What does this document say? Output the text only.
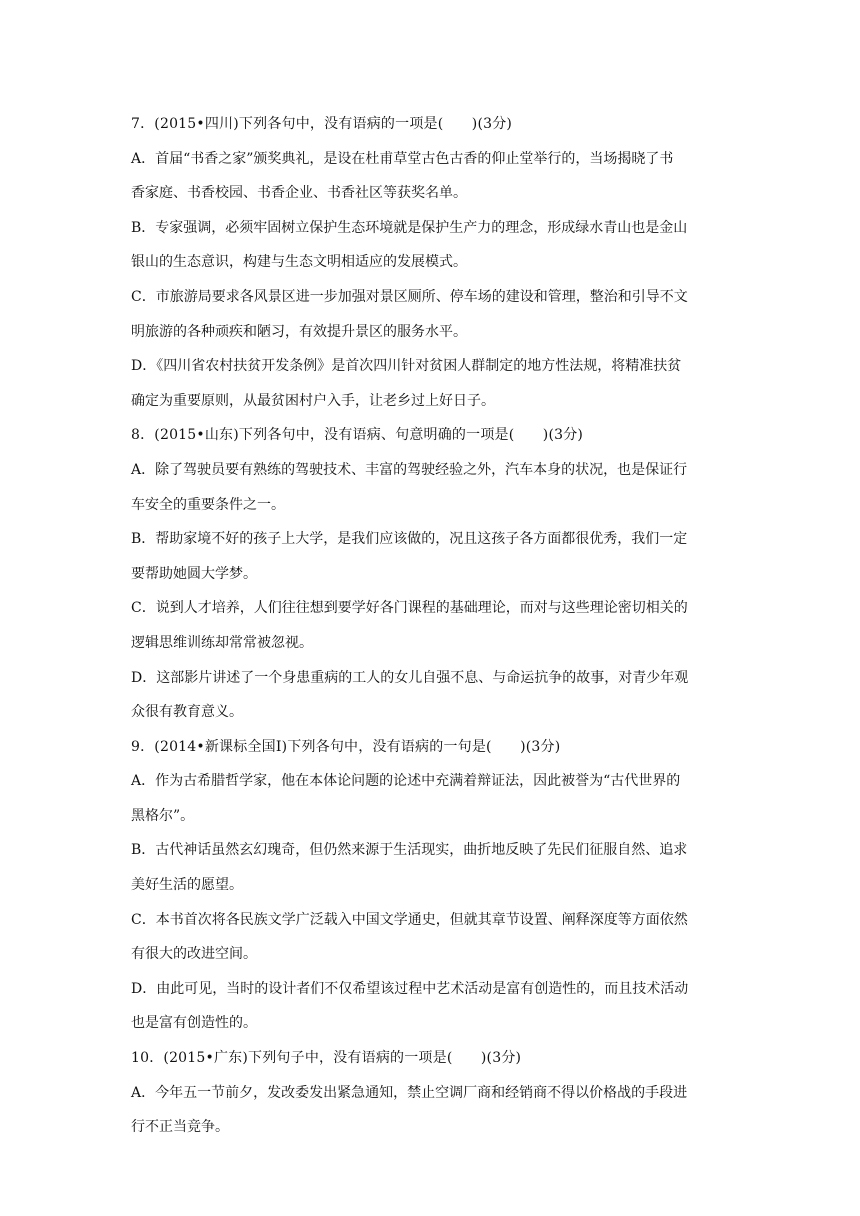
7．(2015•四川)下列各句中，没有语病的一项是(　　)(3分)
A．首届“书香之家”颁奖典礼，是设在杜甫草堂古色古香的仰止堂举行的，当场揭晓了书
香家庭、书香校园、书香企业、书香社区等获奖名单。
B．专家强调，必须牢固树立保护生态环境就是保护生产力的理念，形成绿水青山也是金山
银山的生态意识，构建与生态文明相适应的发展模式。
C．市旅游局要求各风景区进一步加强对景区厕所、停车场的建设和管理，整治和引导不文
明旅游的各种顽疾和陋习，有效提升景区的服务水平。
D．《四川省农村扶贫开发条例》是首次四川针对贫困人群制定的地方性法规，将精准扶贫
确定为重要原则，从最贫困村户入手，让老乡过上好日子。
8．(2015•山东)下列各句中，没有语病、句意明确的一项是(　　)(3分)
A．除了驾驶员要有熟练的驾驶技术、丰富的驾驶经验之外，汽车本身的状况，也是保证行
车安全的重要条件之一。
B．帮助家境不好的孩子上大学，是我们应该做的，况且这孩子各方面都很优秀，我们一定
要帮助她圆大学梦。
C．说到人才培养，人们往往想到要学好各门课程的基础理论，而对与这些理论密切相关的
逻辑思维训练却常常被忽视。
D．这部影片讲述了一个身患重病的工人的女儿自强不息、与命运抗争的故事，对青少年观
众很有教育意义。
9．(2014•新课标全国Ⅰ)下列各句中，没有语病的一句是(　　)(3分)
A．作为古希腊哲学家，他在本体论问题的论述中充满着辩证法，因此被誉为“古代世界的
黑格尔”。
B．古代神话虽然玄幻瑰奇，但仍然来源于生活现实，曲折地反映了先民们征服自然、追求
美好生活的愿望。
C．本书首次将各民族文学广泛载入中国文学通史，但就其章节设置、阐释深度等方面依然
有很大的改进空间。
D．由此可见，当时的设计者们不仅希望该过程中艺术活动是富有创造性的，而且技术活动
也是富有创造性的。
10．(2015•广东)下列句子中，没有语病的一项是(　　)(3分)
A．今年五一节前夕，发改委发出紧急通知，禁止空调厂商和经销商不得以价格战的手段进
行不正当竞争。
